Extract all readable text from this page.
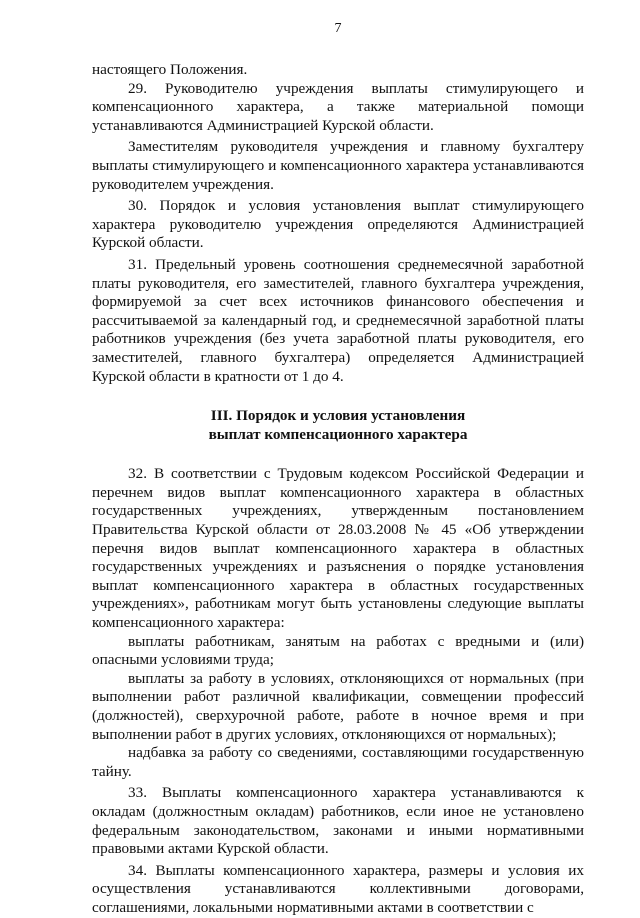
7

настоящего Положения.

29. Руководителю учреждения выплаты стимулирующего и компенсационного характера, а также материальной помощи устанавливаются Администрацией Курской области.

Заместителям руководителя учреждения и главному бухгалтеру выплаты стимулирующего и компенсационного характера устанавливаются руководителем учреждения.

30. Порядок и условия установления выплат стимулирующего характера руководителю учреждения определяются Администрацией Курской области.

31. Предельный уровень соотношения среднемесячной заработной платы руководителя, его заместителей, главного бухгалтера учреждения, формируемой за счет всех источников финансового обеспечения и рассчитываемой за календарный год, и среднемесячной заработной платы работников учреждения (без учета заработной платы руководителя, его заместителей, главного бухгалтера) определяется Администрацией Курской области в кратности от 1 до 4.

III. Порядок и условия установления
выплат компенсационного характера

32. В соответствии с Трудовым кодексом Российской Федерации и перечнем видов выплат компенсационного характера в областных государственных учреждениях, утвержденным постановлением Правительства Курской области от 28.03.2008 № 45 «Об утверждении перечня видов выплат компенсационного характера в областных государственных учреждениях и разъяснения о порядке установления выплат компенсационного характера в областных государственных учреждениях», работникам могут быть установлены следующие выплаты компенсационного характера:

выплаты работникам, занятым на работах с вредными и (или) опасными условиями труда;

выплаты за работу в условиях, отклоняющихся от нормальных (при выполнении работ различной квалификации, совмещении профессий (должностей), сверхурочной работе, работе в ночное время и при выполнении работ в других условиях, отклоняющихся от нормальных);

надбавка за работу со сведениями, составляющими государственную тайну.

33. Выплаты компенсационного характера устанавливаются к окладам (должностным окладам) работников, если иное не установлено федеральным законодательством, законами и иными нормативными правовыми актами Курской области.

34. Выплаты компенсационного характера, размеры и условия их осуществления устанавливаются коллективными договорами, соглашениями, локальными нормативными актами в соответствии с
